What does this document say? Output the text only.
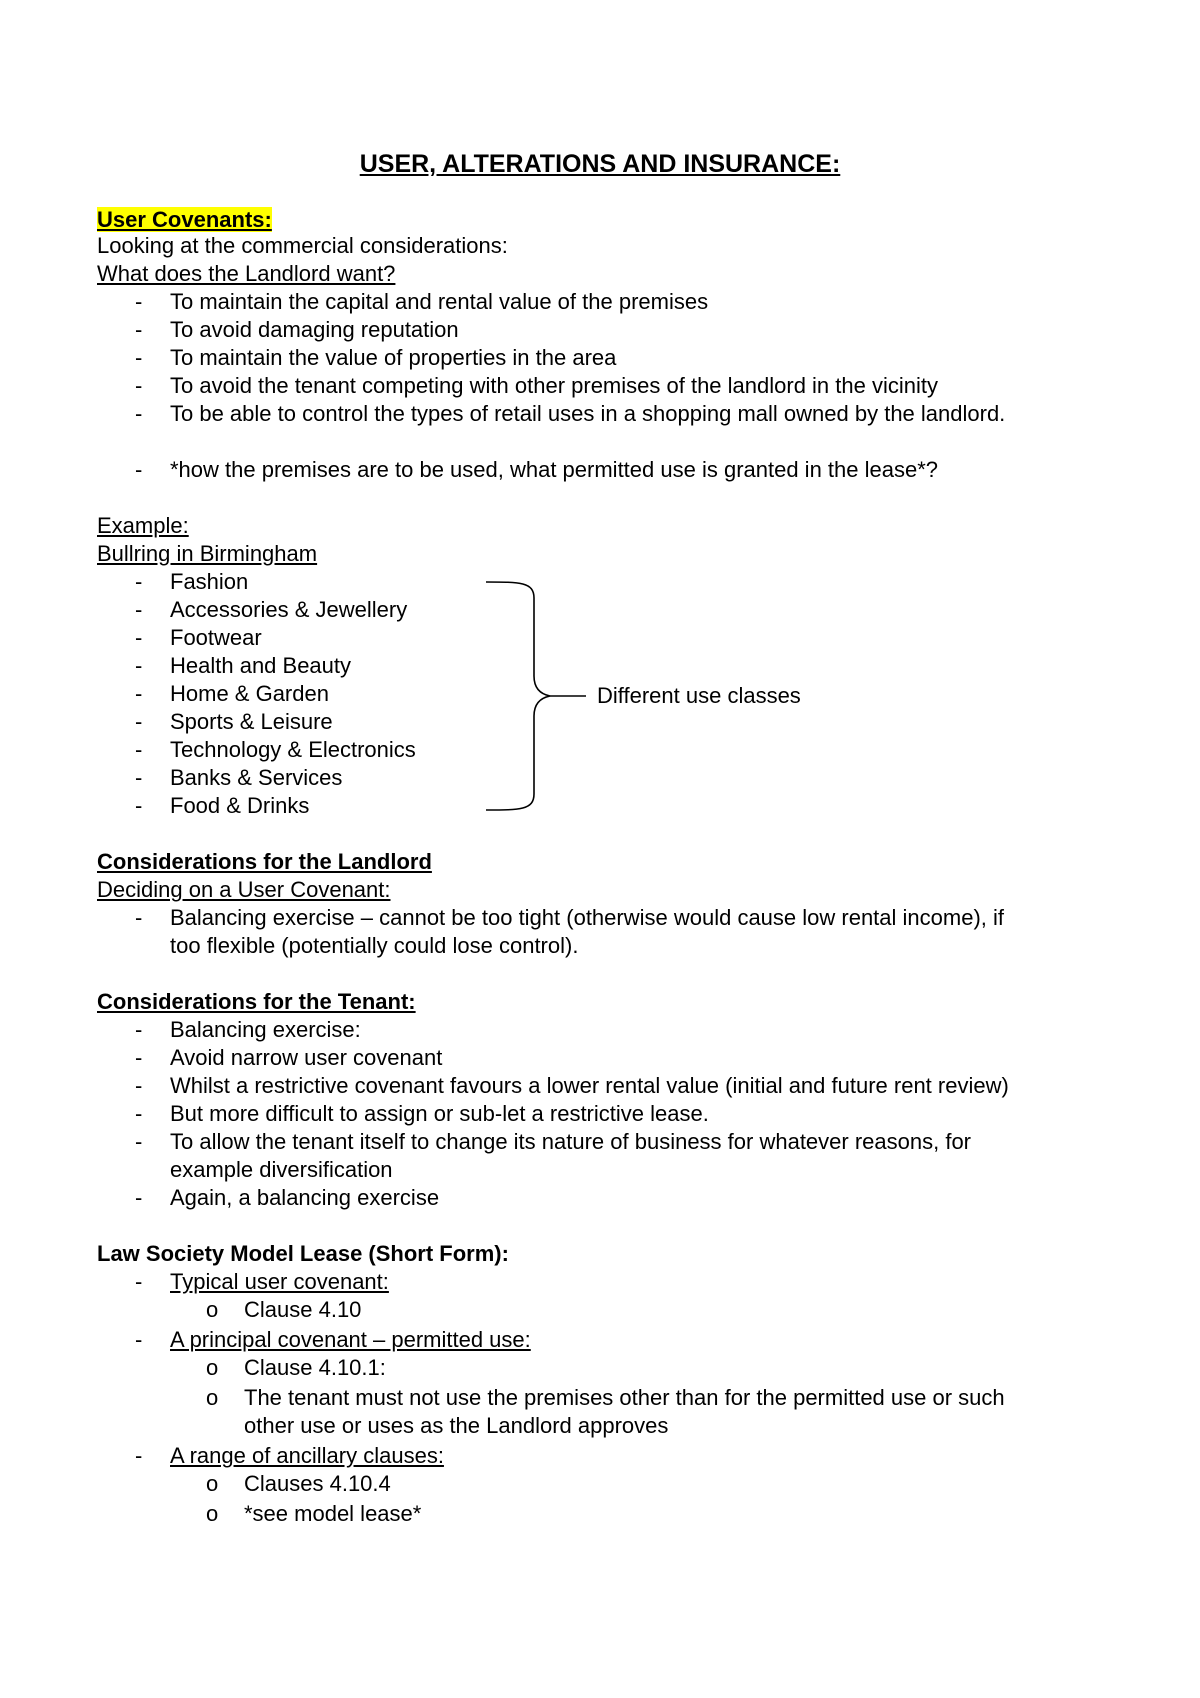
USER, ALTERATIONS AND INSURANCE:
User Covenants:
Looking at the commercial considerations:
What does the Landlord want?
- To maintain the capital and rental value of the premises
- To avoid damaging reputation
- To maintain the value of properties in the area
- To avoid the tenant competing with other premises of the landlord in the vicinity
- To be able to control the types of retail uses in a shopping mall owned by the landlord.
- *how the premises are to be used, what permitted use is granted in the lease*?
Example:
Bullring in Birmingham
- Fashion
- Accessories & Jewellery
- Footwear
- Health and Beauty
- Home & Garden
- Sports & Leisure
- Technology & Electronics
- Banks & Services
- Food & Drinks
Different use classes
Considerations for the Landlord
Deciding on a User Covenant:
- Balancing exercise – cannot be too tight (otherwise would cause low rental income), if
too flexible (potentially could lose control).
Considerations for the Tenant:
- Balancing exercise:
- Avoid narrow user covenant
- Whilst a restrictive covenant favours a lower rental value (initial and future rent review)
- But more difficult to assign or sub-let a restrictive lease.
- To allow the tenant itself to change its nature of business for whatever reasons, for
example diversification
- Again, a balancing exercise
Law Society Model Lease (Short Form):
- Typical user covenant:
o Clause 4.10
- A principal covenant – permitted use:
o Clause 4.10.1:
o The tenant must not use the premises other than for the permitted use or such
other use or uses as the Landlord approves
- A range of ancillary clauses:
o Clauses 4.10.4
o *see model lease*
